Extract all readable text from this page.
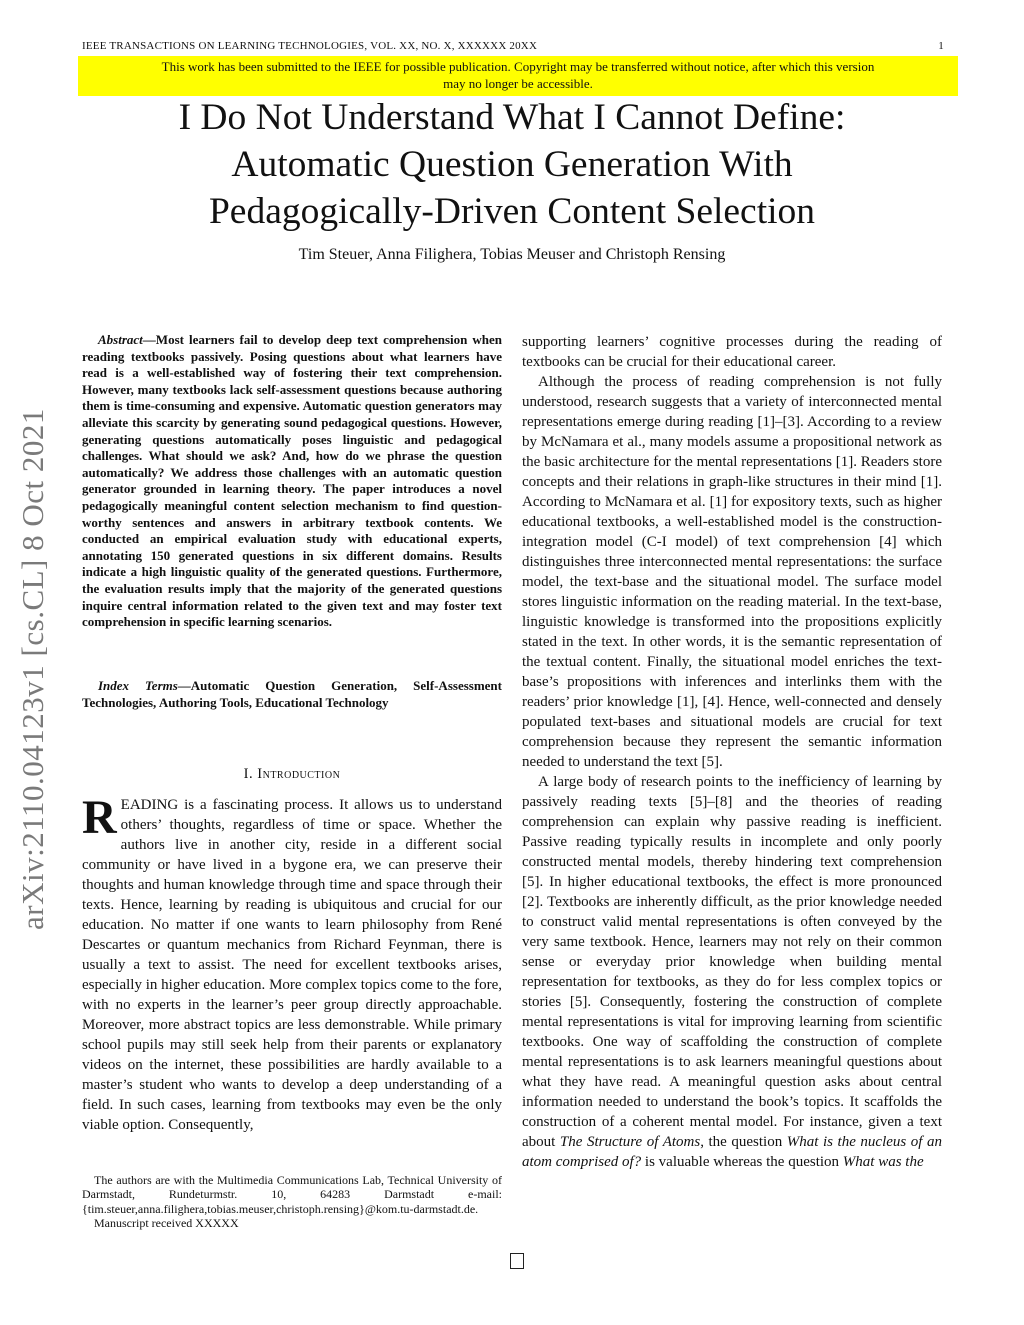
IEEE TRANSACTIONS ON LEARNING TECHNOLOGIES, VOL. XX, NO. X, XXXXXX 20XX	1
This work has been submitted to the IEEE for possible publication. Copyright may be transferred without notice, after which this version
may no longer be accessible.
I Do Not Understand What I Cannot Define:
Automatic Question Generation With
Pedagogically-Driven Content Selection
Tim Steuer, Anna Filighera, Tobias Meuser and Christoph Rensing
arXiv:2110.04123v1 [cs.CL] 8 Oct 2021
Abstract—Most learners fail to develop deep text comprehension when reading textbooks passively. Posing questions about what learners have read is a well-established way of fostering their text comprehension. However, many textbooks lack self-assessment questions because authoring them is time-consuming and expensive. Automatic question generators may alleviate this scarcity by generating sound pedagogical questions. However, generating questions automatically poses linguistic and pedagogical challenges. What should we ask? And, how do we phrase the question automatically? We address those challenges with an automatic question generator grounded in learning theory. The paper introduces a novel pedagogically meaningful content selection mechanism to find question-worthy sentences and answers in arbitrary textbook contents. We conducted an empirical evaluation study with educational experts, annotating 150 generated questions in six different domains. Results indicate a high linguistic quality of the generated questions. Furthermore, the evaluation results imply that the majority of the generated questions inquire central information related to the given text and may foster text comprehension in specific learning scenarios.
Index Terms—Automatic Question Generation, Self-Assessment Technologies, Authoring Tools, Educational Technology
I. Introduction

READING is a fascinating process. It allows us to understand others’ thoughts, regardless of time or space. Whether the authors live in another city, reside in a different social community or have lived in a bygone era, we can preserve their thoughts and human knowledge through time and space through their texts. Hence, learning by reading is ubiquitous and crucial for our education. No matter if one wants to learn philosophy from René Descartes or quantum mechanics from Richard Feynman, there is usually a text to assist. The need for excellent textbooks arises, especially in higher education. More complex topics come to the fore, with no experts in the learner’s peer group directly approachable. Moreover, more abstract topics are less demonstrable. While primary school pupils may still seek help from their parents or explanatory videos on the internet, these possibilities are hardly available to a master’s student who wants to develop a deep understanding of a field. In such cases, learning from textbooks may even be the only viable option. Consequently,

The authors are with the Multimedia Communications Lab, Technical University of Darmstadt, Rundeturmstr. 10, 64283 Darmstadt e-mail: {tim.steuer,anna.filighera,tobias.meuser,christoph.rensing}@kom.tu-darmstadt.de.

Manuscript received XXXXX

supporting learners’ cognitive processes during the reading of textbooks can be crucial for their educational career.

Although the process of reading comprehension is not fully understood, research suggests that a variety of interconnected mental representations emerge during reading [1]–[3]. According to a review by McNamara et al., many models assume a propositional network as the basic architecture for the mental representations [1]. Readers store concepts and their relations in graph-like structures in their mind [1]. According to McNamara et al. [1] for expository texts, such as higher educational textbooks, a well-established model is the construction-integration model (C-I model) of text comprehension [4] which distinguishes three interconnected mental representations: the surface model, the text-base and the situational model. The surface model stores linguistic information on the reading material. In the text-base, linguistic knowledge is transformed into the propositions explicitly stated in the text. In other words, it is the semantic representation of the textual content. Finally, the situational model enriches the text-base’s propositions with inferences and interlinks them with the readers’ prior knowledge [1], [4]. Hence, well-connected and densely populated text-bases and situational models are crucial for text comprehension because they represent the semantic information needed to understand the text [5].

A large body of research points to the inefficiency of learning by passively reading texts [5]–[8] and the theories of reading comprehension can explain why passive reading is inefficient. Passive reading typically results in incomplete and only poorly constructed mental models, thereby hindering text comprehension [5]. In higher educational textbooks, the effect is more pronounced [2]. Textbooks are inherently difficult, as the prior knowledge needed to construct valid mental representations is often conveyed by the very same textbook. Hence, learners may not rely on their common sense or everyday prior knowledge when building mental representation for textbooks, as they do for less complex topics or stories [5]. Consequently, fostering the construction of complete mental representations is vital for improving learning from scientific textbooks. One way of scaffolding the construction of complete mental representations is to ask learners meaningful questions about what they have read. A meaningful question asks about central information needed to understand the book’s topics. It scaffolds the construction of a coherent mental model. For instance, given a text about The Structure of Atoms, the question What is the nucleus of an atom comprised of? is valuable whereas the question What was the
